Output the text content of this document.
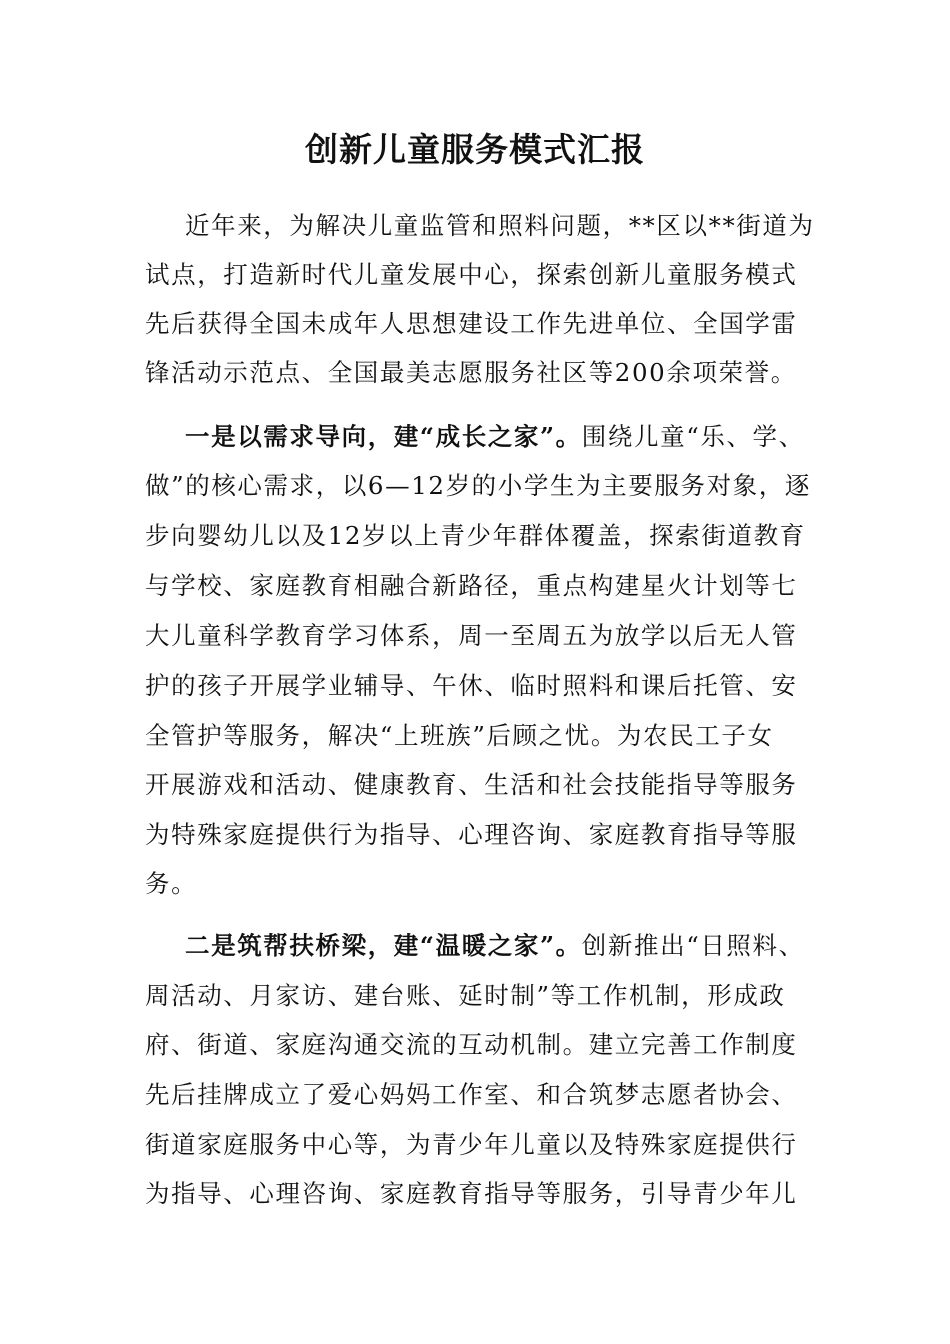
创新儿童服务模式汇报
近年来，为解决儿童监管和照料问题，**区以**街道为
试点，打造新时代儿童发展中心，探索创新儿童服务模式
先后获得全国未成年人思想建设工作先进单位、全国学雷
锋活动示范点、全国最美志愿服务社区等200余项荣誉。
一是以需求导向，建“成长之家”。围绕儿童“乐、学、
做”的核心需求，以6—12岁的小学生为主要服务对象，逐
步向婴幼儿以及12岁以上青少年群体覆盖，探索街道教育
与学校、家庭教育相融合新路径，重点构建星火计划等七
大儿童科学教育学习体系，周一至周五为放学以后无人管
护的孩子开展学业辅导、午休、临时照料和课后托管、安
全管护等服务，解决“上班族”后顾之忧。为农民工子女
开展游戏和活动、健康教育、生活和社会技能指导等服务
为特殊家庭提供行为指导、心理咨询、家庭教育指导等服
务。
二是筑帮扶桥梁，建“温暖之家”。创新推出“日照料、
周活动、月家访、建台账、延时制”等工作机制，形成政
府、街道、家庭沟通交流的互动机制。建立完善工作制度
先后挂牌成立了爱心妈妈工作室、和合筑梦志愿者协会、
街道家庭服务中心等，为青少年儿童以及特殊家庭提供行
为指导、心理咨询、家庭教育指导等服务，引导青少年儿
